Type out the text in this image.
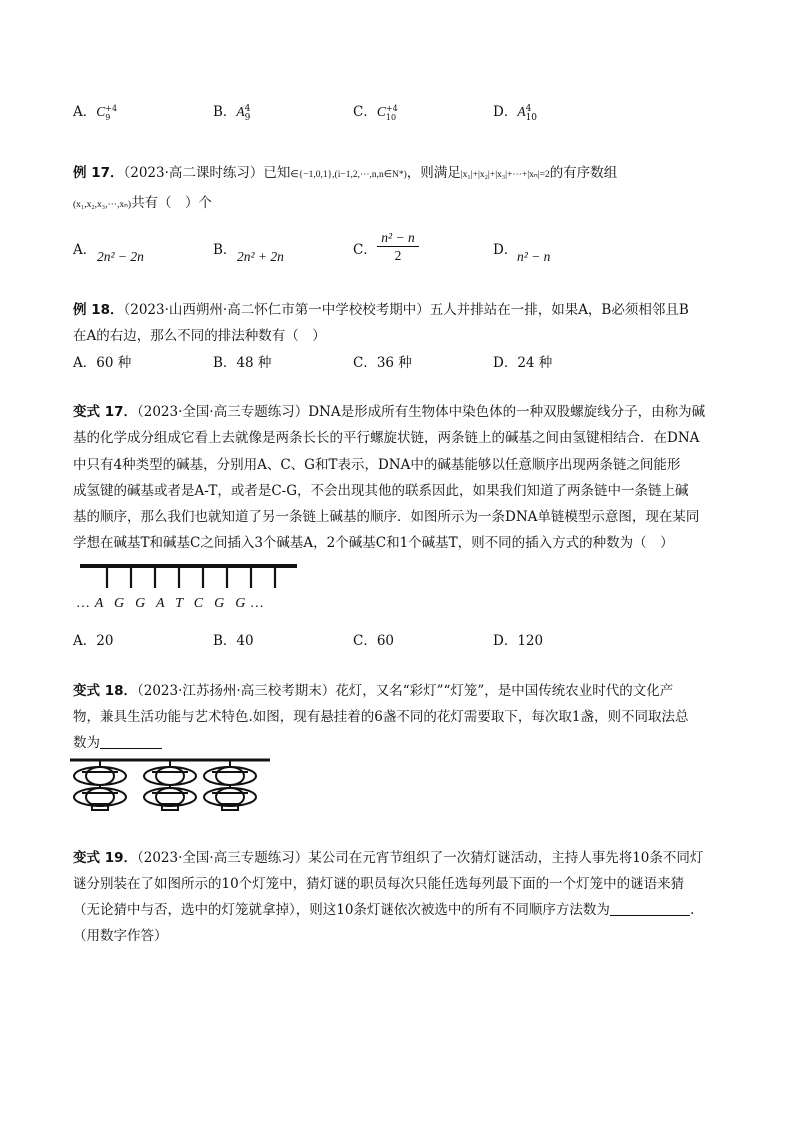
A．C +4
9	B．A 4
9	C．C +4
10	D．A 4
10
例 17．（2023·高二课时练习）已知∈{−1,0,1},(i−1,2,⋯,n,n∈N*)，则满足|x₁|+|x₂|+|x₃|+⋯+|xₙ|=2的有序数组
(x₁,x₂,x₃,⋯,xₙ)共有（　）个
A． 2n² − 2n	B． 2n² + 2n	C．
n² − n
2	D． n² − n
例 18．（2023·山西朔州·高二怀仁市第一中学校校考期中）五人并排站在一排，如果A，B必须相邻且B
在A的右边，那么不同的排法种数有（　）
A．60 种	B．48 种	C．36 种	D．24 种
变式 17．（2023·全国·高三专题练习）DNA是形成所有生物体中染色体的一种双股螺旋线分子，由称为碱
基的化学成分组成它看上去就像是两条长长的平行螺旋状链，两条链上的碱基之间由氢键相结合．在DNA
中只有4种类型的碱基，分别用A、C、G和T表示，DNA中的碱基能够以任意顺序出现两条链之间能形
成氢键的碱基或者是A-T，或者是C-G，不会出现其他的联系因此，如果我们知道了两条链中一条链上碱
基的顺序，那么我们也就知道了另一条链上碱基的顺序．如图所示为一条DNA单链模型示意图，现在某同
学想在碱基T和碱基C之间插入3个碱基A，2个碱基C和1个碱基T，则不同的插入方式的种数为（　）
… A  G  G  A  T  C  G  G …
A．20	B．40	C．60	D．120
变式 18．（2023·江苏扬州·高三校考期末）花灯，又名“彩灯”“灯笼”，是中国传统农业时代的文化产
物，兼具生活功能与艺术特色.如图，现有悬挂着的6盏不同的花灯需要取下，每次取1盏，则不同取法总
数为
变式 19．（2023·全国·高三专题练习）某公司在元宵节组织了一次猜灯谜活动，主持人事先将10条不同灯
谜分别装在了如图所示的10个灯笼中，猜灯谜的职员每次只能任选每列最下面的一个灯笼中的谜语来猜
（无论猜中与否，选中的灯笼就拿掉），则这10条灯谜依次被选中的所有不同顺序方法数为	.
（用数字作答）
